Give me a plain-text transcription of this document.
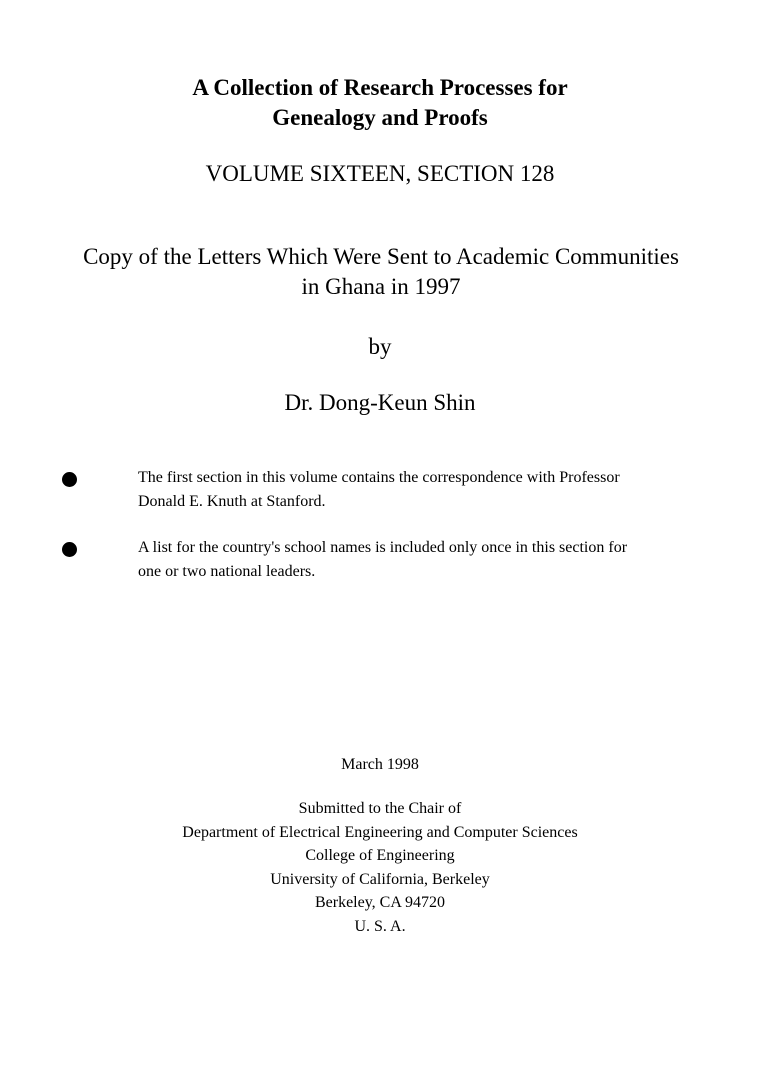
A Collection of Research Processes for
Genealogy and Proofs
VOLUME SIXTEEN, SECTION 128
Copy of the Letters Which Were Sent to Academic Communities
in Ghana in 1997
by
Dr. Dong-Keun Shin
The first section in this volume contains the correspondence with Professor
Donald E. Knuth at Stanford.
A list for the country's school names is included only once in this section for
one or two national leaders.
March 1998
Submitted to the Chair of
Department of Electrical Engineering and Computer Sciences
College of Engineering
University of California, Berkeley
Berkeley, CA 94720
U. S. A.
